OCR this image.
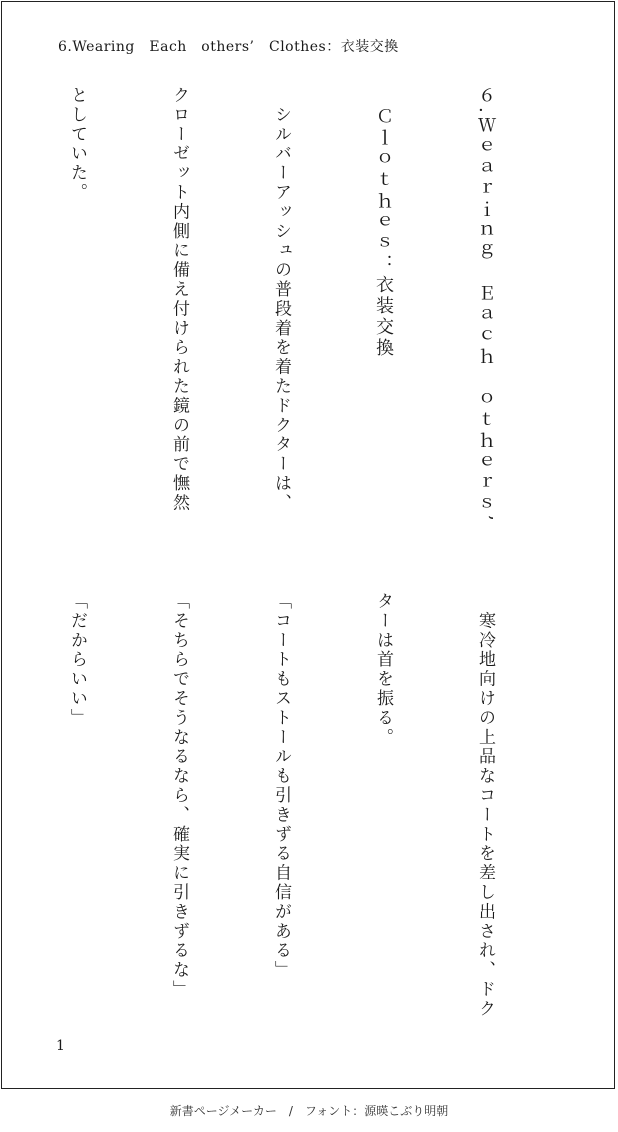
6.Wearing　Each　others’　Clothes：衣装交換

６.Ｗｅａｒｉｎｇ　Ｅａｃｈ　ｏｔｈｅｒｓ’

　Ｃｌｏｔｈｅｓ：衣装交換

　シルバーアッシュの普段着を着たドクターは、

クローゼット内側に備え付けられた鏡の前で憮然

としていた。

　寒冷地向けの上品なコートを差し出され、ドク

ターは首を振る。

「コートもストールも引きずる自信がある」

「そちらでそうなるなら、確実に引きずるな」

「だからいい」

1
新書ページメーカー　/　フォント：源暎こぶり明朝
